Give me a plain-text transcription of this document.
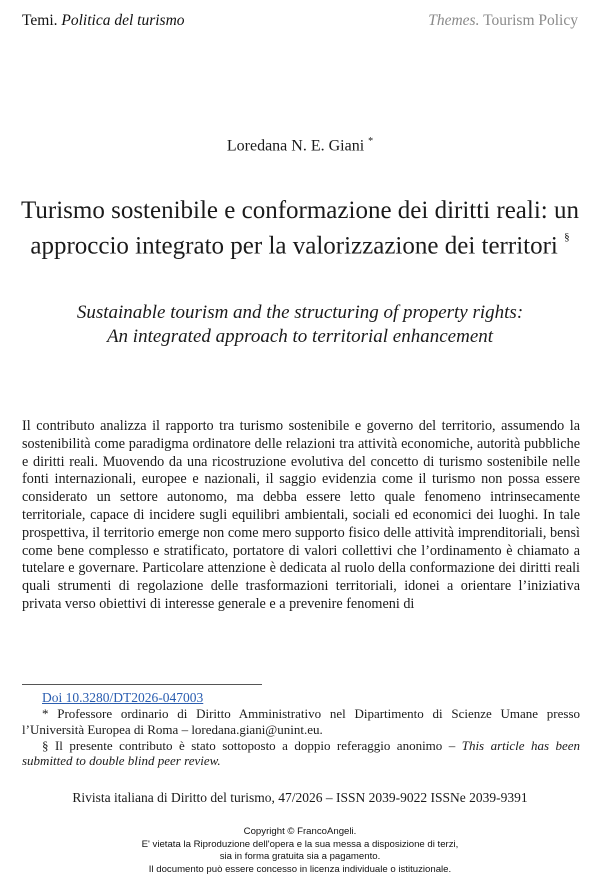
Temi. Politica del turismo	Themes. Tourism Policy
Loredana N. E. Giani *
Turismo sostenibile e conformazione dei diritti reali: un approccio integrato per la valorizzazione dei territori §
Sustainable tourism and the structuring of property rights:
An integrated approach to territorial enhancement
Il contributo analizza il rapporto tra turismo sostenibile e governo del territorio, assumendo la sostenibilità come paradigma ordinatore delle relazioni tra attività economiche, autorità pubbliche e diritti reali. Muovendo da una ricostruzione evolutiva del concetto di turismo sostenibile nelle fonti internazionali, europee e nazionali, il saggio evidenzia come il turismo non possa essere considerato un settore autonomo, ma debba essere letto quale fenomeno intrinsecamente territoriale, capace di incidere sugli equilibri ambientali, sociali ed economici dei luoghi. In tale prospettiva, il territorio emerge non come mero supporto fisico delle attività imprenditoriali, bensì come bene complesso e stratificato, portatore di valori collettivi che l’ordinamento è chiamato a tutelare e governare. Particolare attenzione è dedicata al ruolo della conformazione dei diritti reali quali strumenti di regolazione delle trasformazioni territoriali, idonei a orientare l’iniziativa privata verso obiettivi di interesse generale e a prevenire fenomeni di
Doi 10.3280/DT2026-047003

* Professore ordinario di Diritto Amministrativo nel Dipartimento di Scienze Umane presso l’Università Europea di Roma – loredana.giani@unint.eu.

§ Il presente contributo è stato sottoposto a doppio referaggio anonimo – This article has been submitted to double blind peer review.

Rivista italiana di Diritto del turismo, 47/2026 – ISSN 2039-9022 ISSNe 2039-9391
Copyright © FrancoAngeli.
E' vietata la Riproduzione dell'opera e la sua messa a disposizione di terzi,
sia in forma gratuita sia a pagamento.
Il documento può essere concesso in licenza individuale o istituzionale.
